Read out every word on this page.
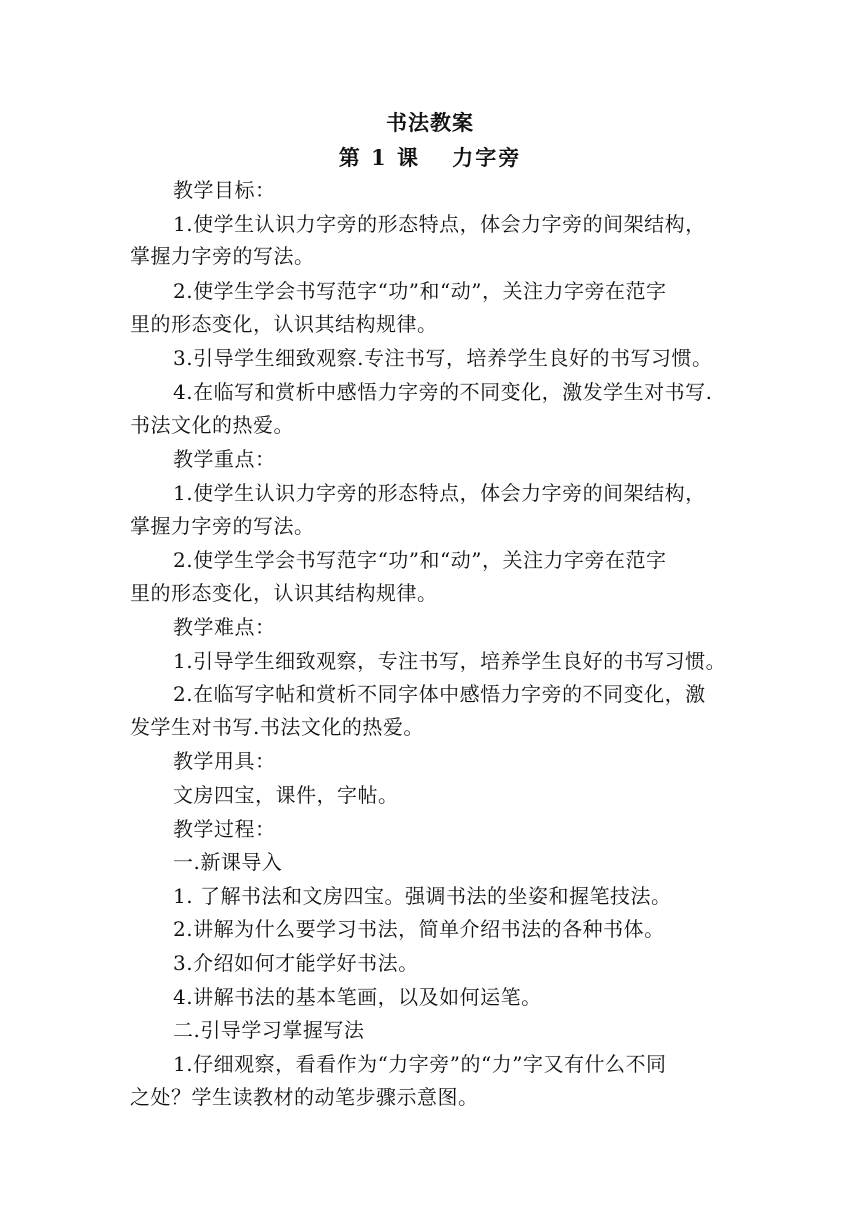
书法教案
第 1 课　 力字旁
教学目标：
1.使学生认识力字旁的形态特点，体会力字旁的间架结构，
掌握力字旁的写法。
2.使学生学会书写范字“功”和“动”，关注力字旁在范字
里的形态变化，认识其结构规律。
3.引导学生细致观察.专注书写，培养学生良好的书写习惯。
4.在临写和赏析中感悟力字旁的不同变化，激发学生对书写.
书法文化的热爱。
教学重点：
1.使学生认识力字旁的形态特点，体会力字旁的间架结构，
掌握力字旁的写法。
2.使学生学会书写范字“功”和“动”，关注力字旁在范字
里的形态变化，认识其结构规律。
教学难点：
1.引导学生细致观察，专注书写，培养学生良好的书写习惯。
2.在临写字帖和赏析不同字体中感悟力字旁的不同变化，激
发学生对书写.书法文化的热爱。
教学用具：
文房四宝，课件，字帖。
教学过程：
一.新课导入
1. 了解书法和文房四宝。强调书法的坐姿和握笔技法。
2.讲解为什么要学习书法，简单介绍书法的各种书体。
3.介绍如何才能学好书法。
4.讲解书法的基本笔画，以及如何运笔。
二.引导学习掌握写法
1.仔细观察，看看作为“力字旁”的“力”字又有什么不同
之处？学生读教材的动笔步骤示意图。
